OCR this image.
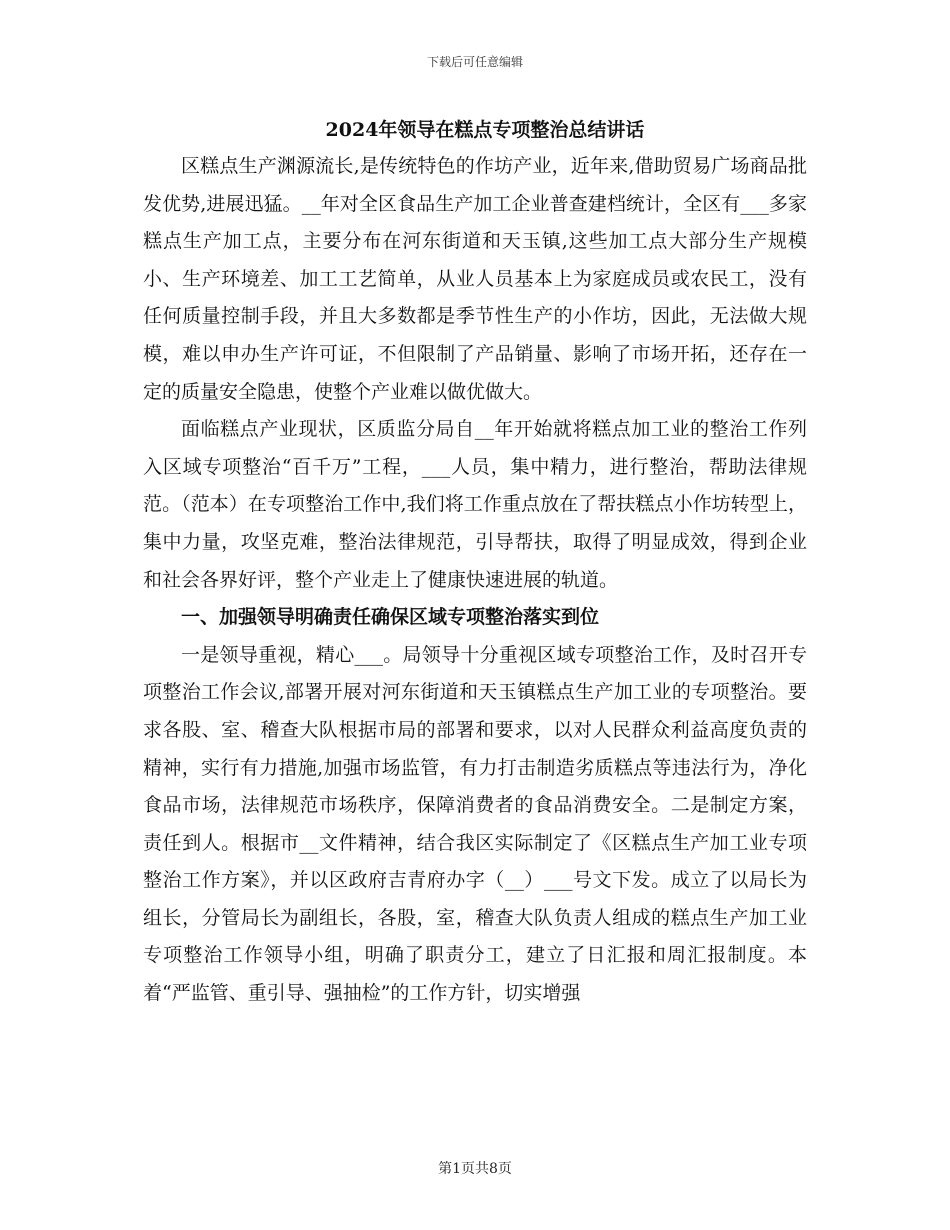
下载后可任意编辑
2024年领导在糕点专项整治总结讲话

区糕点生产渊源流长,是传统特色的作坊产业，近年来,借助贸易广场商品批发优势,进展迅猛。__年对全区食品生产加工企业普查建档统计，全区有___多家糕点生产加工点，主要分布在河东街道和天玉镇,这些加工点大部分生产规模小、生产环境差、加工工艺简单，从业人员基本上为家庭成员或农民工，没有任何质量控制手段，并且大多数都是季节性生产的小作坊，因此，无法做大规模，难以申办生产许可证，不但限制了产品销量、影响了市场开拓，还存在一定的质量安全隐患，使整个产业难以做优做大。

面临糕点产业现状，区质监分局自__年开始就将糕点加工业的整治工作列入区域专项整治“百千万”工程，___人员，集中精力，进行整治，帮助法律规范。（范本）在专项整治工作中,我们将工作重点放在了帮扶糕点小作坊转型上，集中力量，攻坚克难，整治法律规范，引导帮扶，取得了明显成效，得到企业和社会各界好评，整个产业走上了健康快速进展的轨道。

一、加强领导明确责任确保区域专项整治落实到位

一是领导重视，精心___。局领导十分重视区域专项整治工作，及时召开专项整治工作会议,部署开展对河东街道和天玉镇糕点生产加工业的专项整治。要求各股、室、稽查大队根据市局的部署和要求，以对人民群众利益高度负责的精神，实行有力措施,加强市场监管，有力打击制造劣质糕点等违法行为，净化食品市场，法律规范市场秩序，保障消费者的食品消费安全。二是制定方案，责任到人。根据市__文件精神，结合我区实际制定了《区糕点生产加工业专项整治工作方案》，并以区政府吉青府办字（__）___号文下发。成立了以局长为组长，分管局长为副组长，各股，室，稽查大队负责人组成的糕点生产加工业专项整治工作领导小组，明确了职责分工，建立了日汇报和周汇报制度。本着“严监管、重引导、强抽检”的工作方针，切实增强

第1页共8页
